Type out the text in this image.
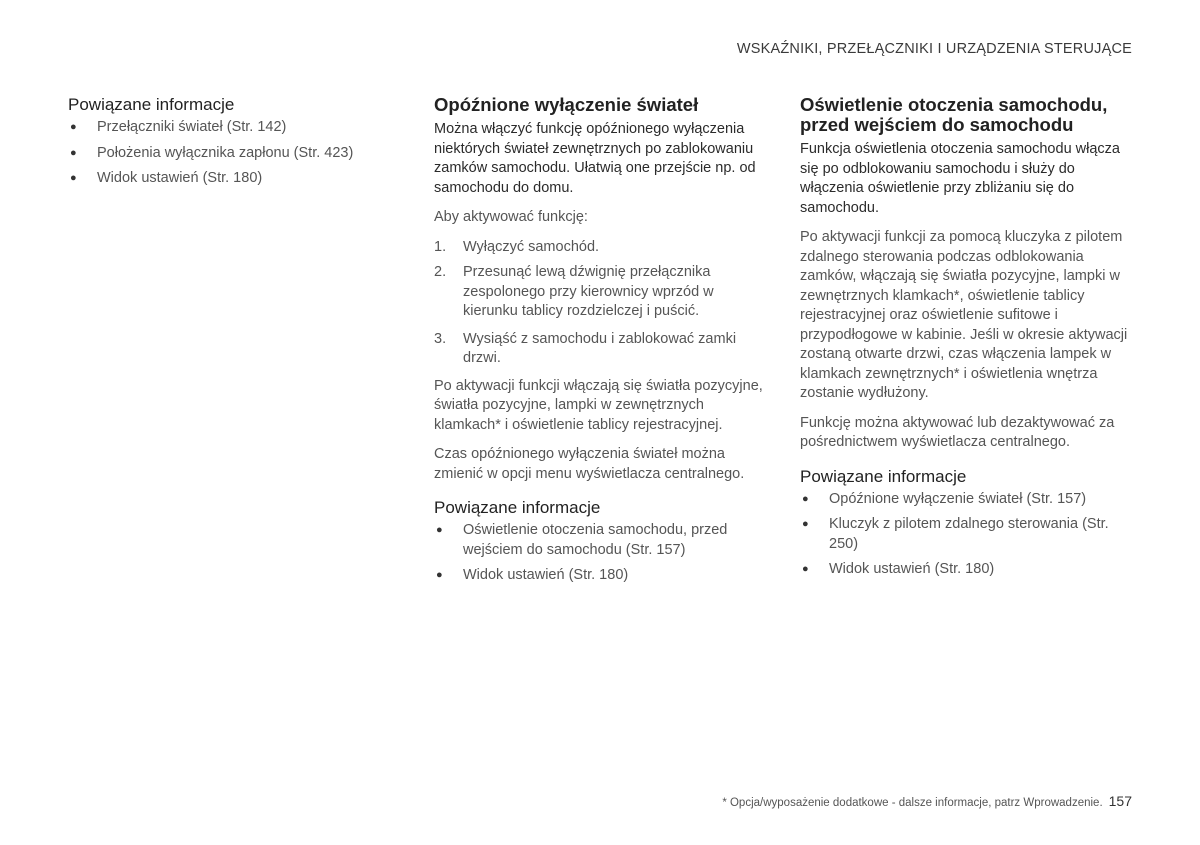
WSKAŹNIKI, PRZEŁĄCZNIKI I URZĄDZENIA STERUJĄCE
Powiązane informacje
● Przełączniki świateł (Str. 142)
● Położenia wyłącznika zapłonu (Str. 423)
● Widok ustawień (Str. 180)
Opóźnione wyłączenie świateł
Można włączyć funkcję opóźnionego wyłączenia niektórych świateł zewnętrznych po zablokowaniu zamków samochodu. Ułatwią one przejście np. od samochodu do domu.
Aby aktywować funkcję:
1. Wyłączyć samochód.
2. Przesunąć lewą dźwignię przełącznika zespolonego przy kierownicy wprzód w kierunku tablicy rozdzielczej i puścić.
3. Wysiąść z samochodu i zablokować zamki drzwi.
Po aktywacji funkcji włączają się światła pozycyjne, światła pozycyjne, lampki w zewnętrznych klamkach* i oświetlenie tablicy rejestracyjnej.
Czas opóźnionego wyłączenia świateł można zmienić w opcji menu wyświetlacza centralnego.
Powiązane informacje
● Oświetlenie otoczenia samochodu, przed wejściem do samochodu (Str. 157)
● Widok ustawień (Str. 180)
Oświetlenie otoczenia samochodu, przed wejściem do samochodu
Funkcja oświetlenia otoczenia samochodu włącza się po odblokowaniu samochodu i służy do włączenia oświetlenie przy zbliżaniu się do samochodu.
Po aktywacji funkcji za pomocą kluczyka z pilotem zdalnego sterowania podczas odblokowania zamków, włączają się światła pozycyjne, lampki w zewnętrznych klamkach*, oświetlenie tablicy rejestracyjnej oraz oświetlenie sufitowe i przypodłogowe w kabinie. Jeśli w okresie aktywacji zostaną otwarte drzwi, czas włączenia lampek w klamkach zewnętrznych* i oświetlenia wnętrza zostanie wydłużony.
Funkcję można aktywować lub dezaktywować za pośrednictwem wyświetlacza centralnego.
Powiązane informacje
● Opóźnione wyłączenie świateł (Str. 157)
● Kluczyk z pilotem zdalnego sterowania (Str. 250)
● Widok ustawień (Str. 180)
* Opcja/wyposażenie dodatkowe - dalsze informacje, patrz Wprowadzenie. 157
